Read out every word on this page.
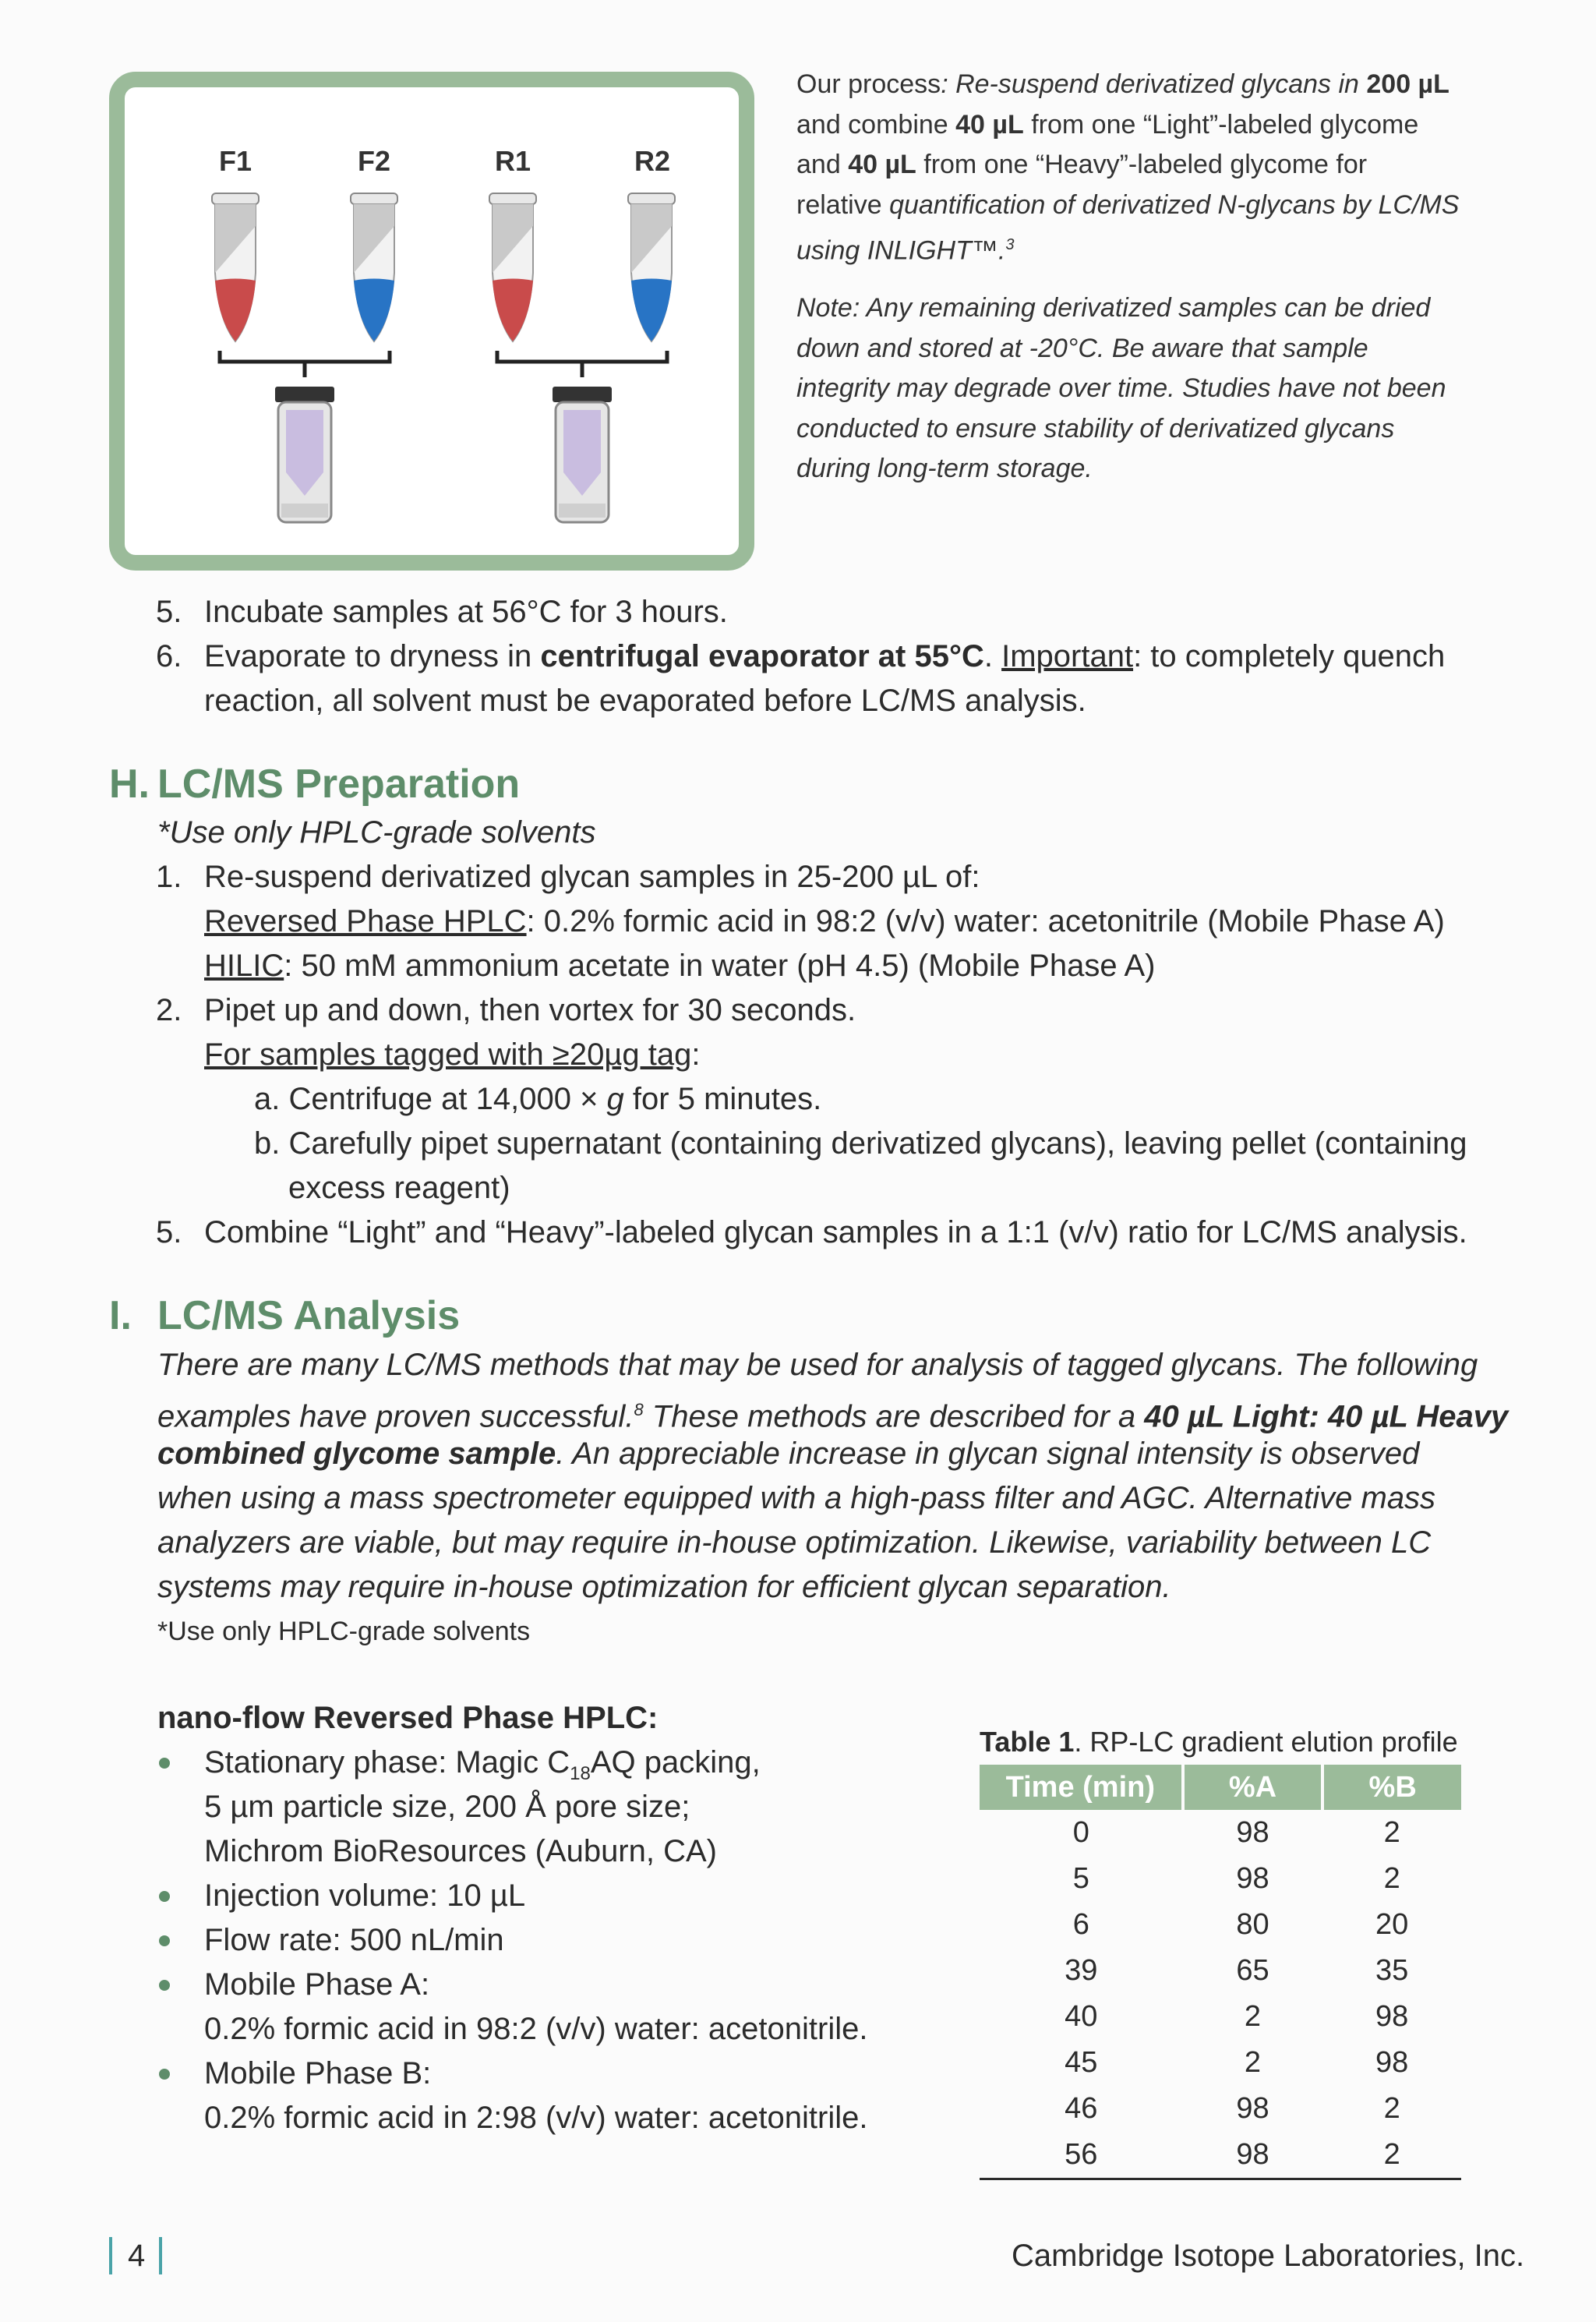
F1	F2	R1	R2
Our process: Re-suspend derivatized glycans in 200 µL
and combine 40 µL from one “Light”-labeled glycome
and 40 µL from one “Heavy”-labeled glycome for
relative quantification of derivatized N-glycans by LC/MS
using INLIGHT™.$^3$
Note: Any remaining derivatized samples can be dried
down and stored at -20°C. Be aware that sample
integrity may degrade over time. Studies have not been
conducted to ensure stability of derivatized glycans
during long-term storage.
5. Incubate samples at 56°C for 3 hours.
6. Evaporate to dryness in centrifugal evaporator at 55°C. Important: to completely quench
reaction, all solvent must be evaporated before LC/MS analysis.
H. LC/MS Preparation
*Use only HPLC-grade solvents
1. Re-suspend derivatized glycan samples in 25-200 µL of:
Reversed Phase HPLC: 0.2% formic acid in 98:2 (v/v) water: acetonitrile (Mobile Phase A)
HILIC: 50 mM ammonium acetate in water (pH 4.5) (Mobile Phase A)
2. Pipet up and down, then vortex for 30 seconds.
For samples tagged with ≥20µg tag:
a. Centrifuge at 14,000 × g for 5 minutes.
b. Carefully pipet supernatant (containing derivatized glycans), leaving pellet (containing
excess reagent)
5. Combine “Light” and “Heavy”-labeled glycan samples in a 1:1 (v/v) ratio for LC/MS analysis.
I. LC/MS Analysis
There are many LC/MS methods that may be used for analysis of tagged glycans. The following
examples have proven successful.$^8$ These methods are described for a 40 µL Light: 40 µL Heavy
combined glycome sample. An appreciable increase in glycan signal intensity is observed
when using a mass spectrometer equipped with a high-pass filter and AGC. Alternative mass
analyzers are viable, but may require in-house optimization. Likewise, variability between LC
systems may require in-house optimization for efficient glycan separation.
*Use only HPLC-grade solvents
nano-flow Reversed Phase HPLC:
Stationary phase: Magic $C_{18}AQ$ packing,
5 µm particle size, 200 Å pore size;
Michrom BioResources (Auburn, CA)
Injection volume: 10 µL
Flow rate: 500 nL/min
Mobile Phase A:
0.2% formic acid in 98:2 (v/v) water: acetonitrile.
Mobile Phase B:
0.2% formic acid in 2:98 (v/v) water: acetonitrile.
Table 1. RP-LC gradient elution profile
Time (min)	%A	%B
0	98	2
5	98	2
6	80	20
39	65	35
40	2	98
45	2	98
46	98	2
56	98	2
4	Cambridge Isotope Laboratories, Inc.
